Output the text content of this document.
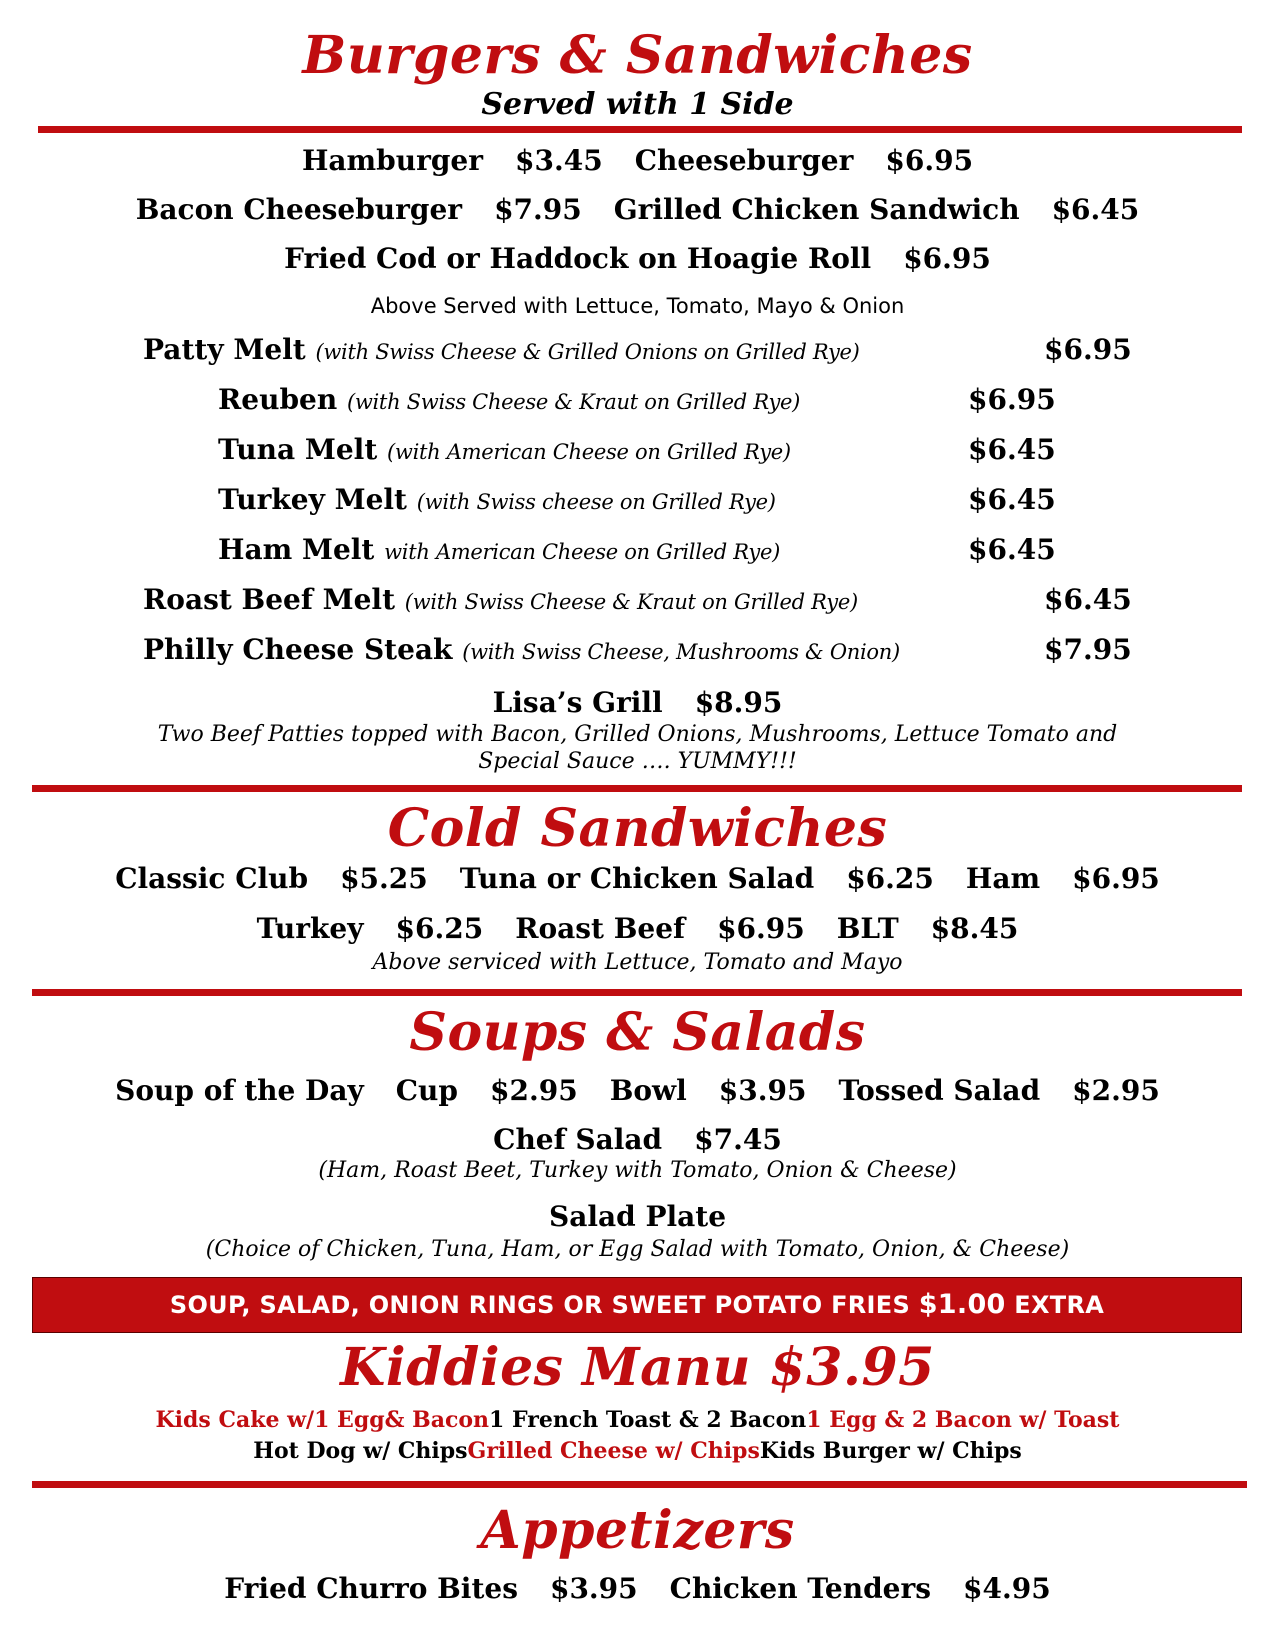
Burgers & Sandwiches
Served with 1 Side
Hamburger $3.45 Cheeseburger $6.95
Bacon Cheeseburger $7.95 Grilled Chicken Sandwich $6.45
Fried Cod or Haddock on Hoagie Roll $6.95
Above Served with Lettuce, Tomato, Mayo & Onion
Patty Melt (with Swiss Cheese & Grilled Onions on Grilled Rye)	$6.95
Reuben (with Swiss Cheese & Kraut on Grilled Rye)	$6.95
Tuna Melt (with American Cheese on Grilled Rye)	$6.45
Turkey Melt (with Swiss cheese on Grilled Rye)	$6.45
Ham Melt with American Cheese on Grilled Rye)	$6.45
Roast Beef Melt (with Swiss Cheese & Kraut on Grilled Rye)	$6.45
Philly Cheese Steak (with Swiss Cheese, Mushrooms & Onion)	$7.95
Lisa’s Grill $8.95
Two Beef Patties topped with Bacon, Grilled Onions, Mushrooms, Lettuce Tomato and
Special Sauce …. YUMMY!!!
Cold Sandwiches
Classic Club $5.25 Tuna or Chicken Salad $6.25 Ham $6.95
Turkey $6.25 Roast Beef $6.95 BLT $8.45
Above serviced with Lettuce, Tomato and Mayo
Soups & Salads
Soup of the Day Cup $2.95 Bowl $3.95 Tossed Salad $2.95
Chef Salad $7.45
(Ham, Roast Beet, Turkey with Tomato, Onion & Cheese)
Salad Plate
(Choice of Chicken, Tuna, Ham, or Egg Salad with Tomato, Onion, & Cheese)
SOUP, SALAD, ONION RINGS OR SWEET POTATO FRIES $1.00 EXTRA
Kiddies Manu $3.95
Kids Cake w/1 Egg& Bacon1 French Toast & 2 Bacon1 Egg & 2 Bacon w/ Toast
Hot Dog w/ ChipsGrilled Cheese w/ ChipsKids Burger w/ Chips
Appetizers
Fried Churro Bites $3.95 Chicken Tenders $4.95
